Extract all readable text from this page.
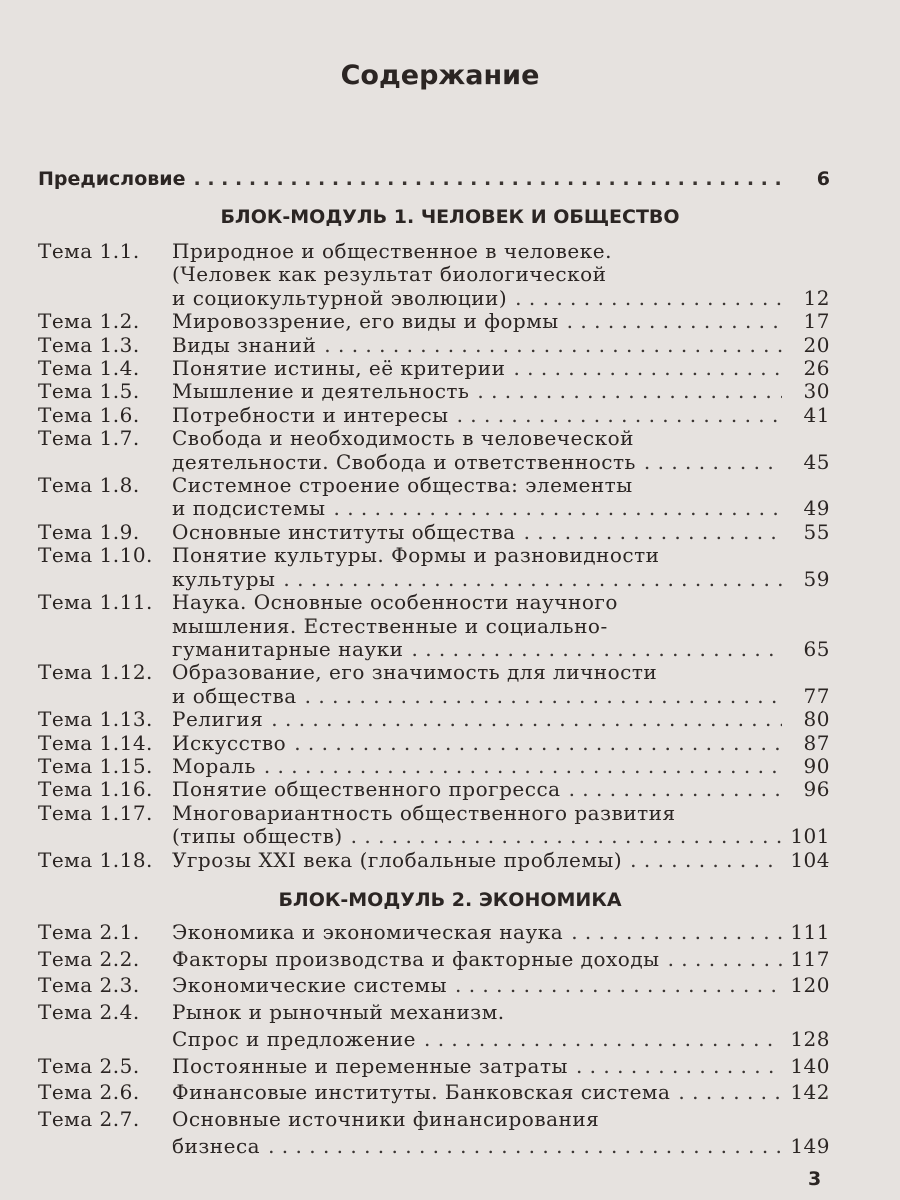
Содержание
Предисловие . . .	6
БЛОК-МОДУЛЬ 1. ЧЕЛОВЕК И ОБЩЕСТВО
Тема 1.1.	Природное и общественное в человеке.
(Человек как результат биологической
и социокультурной эволюции) . . .	12
Тема 1.2.	Мировоззрение, его виды и формы . . .	17
Тема 1.3.	Виды знаний . . .	20
Тема 1.4.	Понятие истины, её критерии . . .	26
Тема 1.5.	Мышление и деятельность . . .	30
Тема 1.6.	Потребности и интересы . . .	41
Тема 1.7.	Свобода и необходимость в человеческой
деятельности. Свобода и ответственность . . .	45
Тема 1.8.	Системное строение общества: элементы
и подсистемы . . .	49
Тема 1.9.	Основные институты общества . . .	55
Тема 1.10. Понятие культуры. Формы и разновидности
культуры . . .	59
Тема 1.11. Наука. Основные особенности научного
мышления. Естественные и социально-
гуманитарные науки . . .	65
Тема 1.12. Образование, его значимость для личности
и общества . . .	77
Тема 1.13. Религия . . .	80
Тема 1.14. Искусство . . .	87
Тема 1.15. Мораль . . .	90
Тема 1.16. Понятие общественного прогресса . . .	96
Тема 1.17. Многовариантность общественного развития
(типы обществ) . . .	101
Тема 1.18. Угрозы XXI века (глобальные проблемы) . . .	104
БЛОК-МОДУЛЬ 2. ЭКОНОМИКА
Тема 2.1.	Экономика и экономическая наука . . .	111
Тема 2.2.	Факторы производства и факторные доходы . . .	117
Тема 2.3.	Экономические системы . . .	120
Тема 2.4.	Рынок и рыночный механизм.
Спрос и предложение . . .	128
Тема 2.5.	Постоянные и переменные затраты . . .	140
Тема 2.6.	Финансовые институты. Банковская система . . .	142
Тема 2.7.	Основные источники финансирования
бизнеса . . .	149
3
